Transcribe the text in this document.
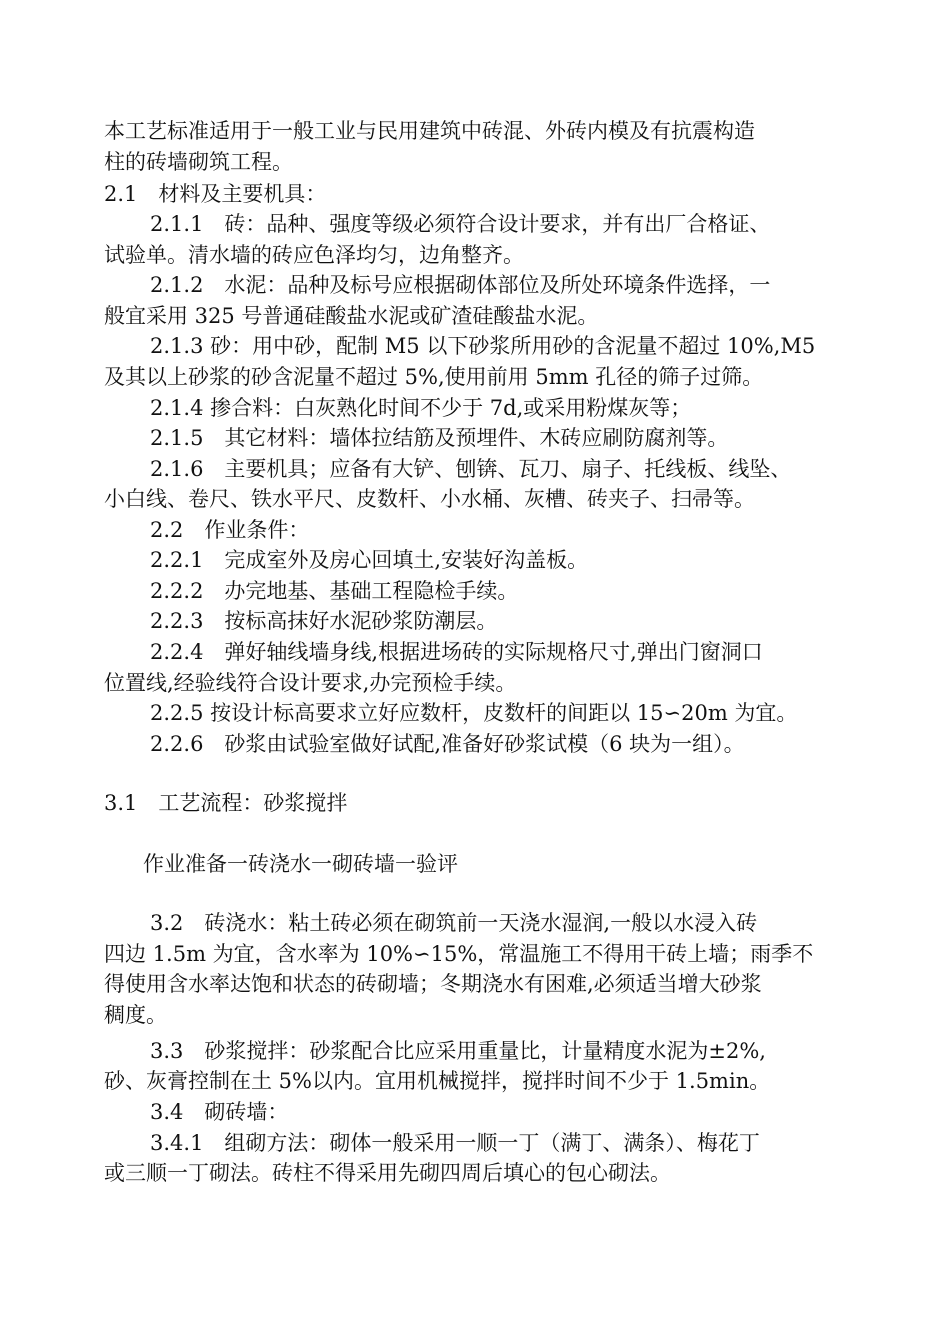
本工艺标准适用于一般工业与民用建筑中砖混、外砖内模及有抗震构造
柱的砖墙砌筑工程。
2.1　材料及主要机具：
2.1.1　砖：品种、强度等级必须符合设计要求，并有出厂合格证、
试验单。清水墙的砖应色泽均匀，边角整齐。
2.1.2　水泥：品种及标号应根据砌体部位及所处环境条件选择，一
般宜采用 325 号普通硅酸盐水泥或矿渣硅酸盐水泥。
2.1.3 砂：用中砂，配制 M5 以下砂浆所用砂的含泥量不超过 10%,M5
及其以上砂浆的砂含泥量不超过 5%,使用前用 5mm 孔径的筛子过筛。
2.1.4 掺合料：白灰熟化时间不少于 7d,或采用粉煤灰等；
2.1.5　其它材料：墙体拉结筋及预埋件、木砖应刷防腐剂等。
2.1.6　主要机具；应备有大铲、刨锛、瓦刀、扇子、托线板、线坠、
小白线、卷尺、铁水平尺、皮数杆、小水桶、灰槽、砖夹子、扫帚等。
2.2　作业条件：
2.2.1　完成室外及房心回填土,安装好沟盖板。
2.2.2　办完地基、基础工程隐检手续。
2.2.3　按标高抹好水泥砂浆防潮层。
2.2.4　弹好轴线墙身线,根据进场砖的实际规格尺寸,弹出门窗洞口
位置线,经验线符合设计要求,办完预检手续。
2.2.5 按设计标高要求立好应数杆，皮数杆的间距以 15∽20m 为宜。
2.2.6　砂浆由试验室做好试配,准备好砂浆试模（6 块为一组）。
3.1　工艺流程：砂浆搅拌
作业准备一砖浇水一砌砖墙一验评
3.2　砖浇水：粘土砖必须在砌筑前一天浇水湿润,一般以水浸入砖
四边 1.5m 为宜，含水率为 10%∽15%，常温施工不得用干砖上墙；雨季不
得使用含水率达饱和状态的砖砌墙；冬期浇水有困难,必须适当增大砂浆
稠度。
3.3　砂浆搅拌：砂浆配合比应采用重量比，计量精度水泥为±2%,
砂、灰膏控制在土 5%以内。宜用机械搅拌，搅拌时间不少于 1.5min。
3.4　砌砖墙：
3.4.1　组砌方法：砌体一般采用一顺一丁（满丁、满条）、梅花丁
或三顺一丁砌法。砖柱不得采用先砌四周后填心的包心砌法。
